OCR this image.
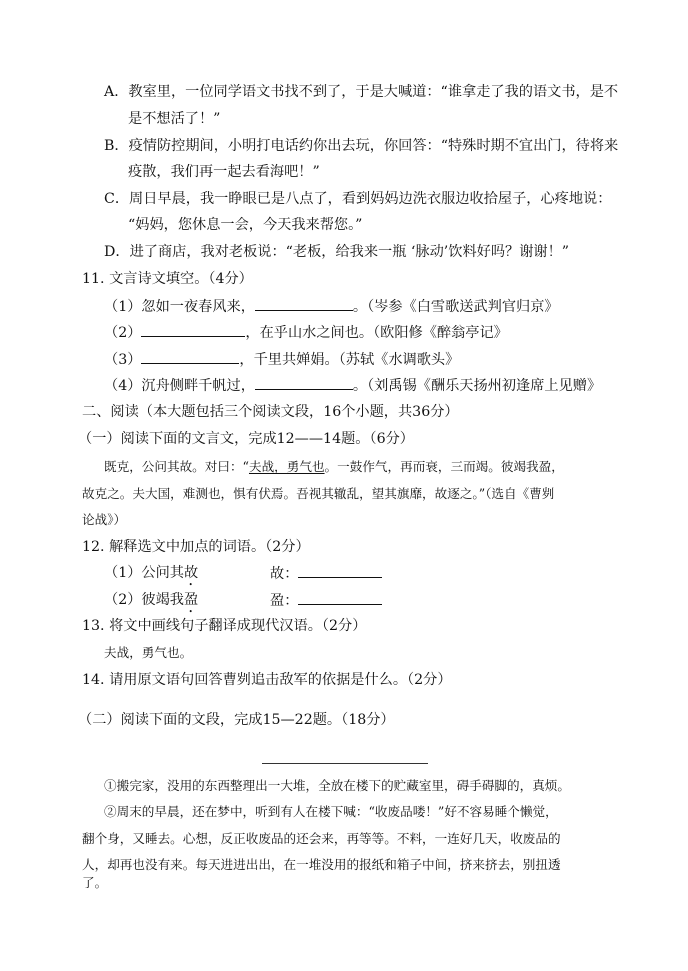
A．教室里，一位同学语文书找不到了，于是大喊道：“谁拿走了我的语文书，是不
是不想活了！”
B．疫情防控期间，小明打电话约你出去玩，你回答：“特殊时期不宜出门，待将来
疫散，我们再一起去看海吧！”
C．周日早晨，我一睁眼已是八点了，看到妈妈边洗衣服边收拾屋子，心疼地说：
“妈妈，您休息一会，今天我来帮您。”
D．进了商店，我对老板说：“老板，给我来一瓶 ‘脉动’饮料好吗？谢谢！”
11. 文言诗文填空。（4分）
（1）忽如一夜春风来，	。（岑参《白雪歌送武判官归京》
（2）	，在乎山水之间也。（欧阳修《醉翁亭记》
（3）	，千里共婵娟。（苏轼《水调歌头》
（4）沉舟侧畔千帆过，	。（刘禹锡《酬乐天扬州初逢席上见赠》
二、阅读（本大题包括三个阅读文段，16个小题，共36分）
（一）阅读下面的文言文，完成12——14题。（6分）
既克，公问其故。对曰：“夫战，勇气也。一鼓作气，再而衰，三而竭。彼竭我盈，
故克之。夫大国，难测也，惧有伏焉。吾视其辙乱，望其旗靡，故逐之。”（选自《曹刿
论战》）
12. 解释选文中加点的词语。（2分）
（1）公问其故	故：
（2）彼竭我盈	盈：
13. 将文中画线句子翻译成现代汉语。（2分）
夫战，勇气也。
14. 请用原文语句回答曹刿追击敌军的依据是什么。（2分）
（二）阅读下面的文段，完成15—22题。（18分）
①搬完家，没用的东西整理出一大堆，全放在楼下的贮藏室里，碍手碍脚的，真烦。
②周末的早晨，还在梦中，听到有人在楼下喊：“收废品喽！”好不容易睡个懒觉，
翻个身，又睡去。心想，反正收废品的还会来，再等等。不料，一连好几天，收废品的
人，却再也没有来。每天进进出出，在一堆没用的报纸和箱子中间，挤来挤去，别扭透
了。
